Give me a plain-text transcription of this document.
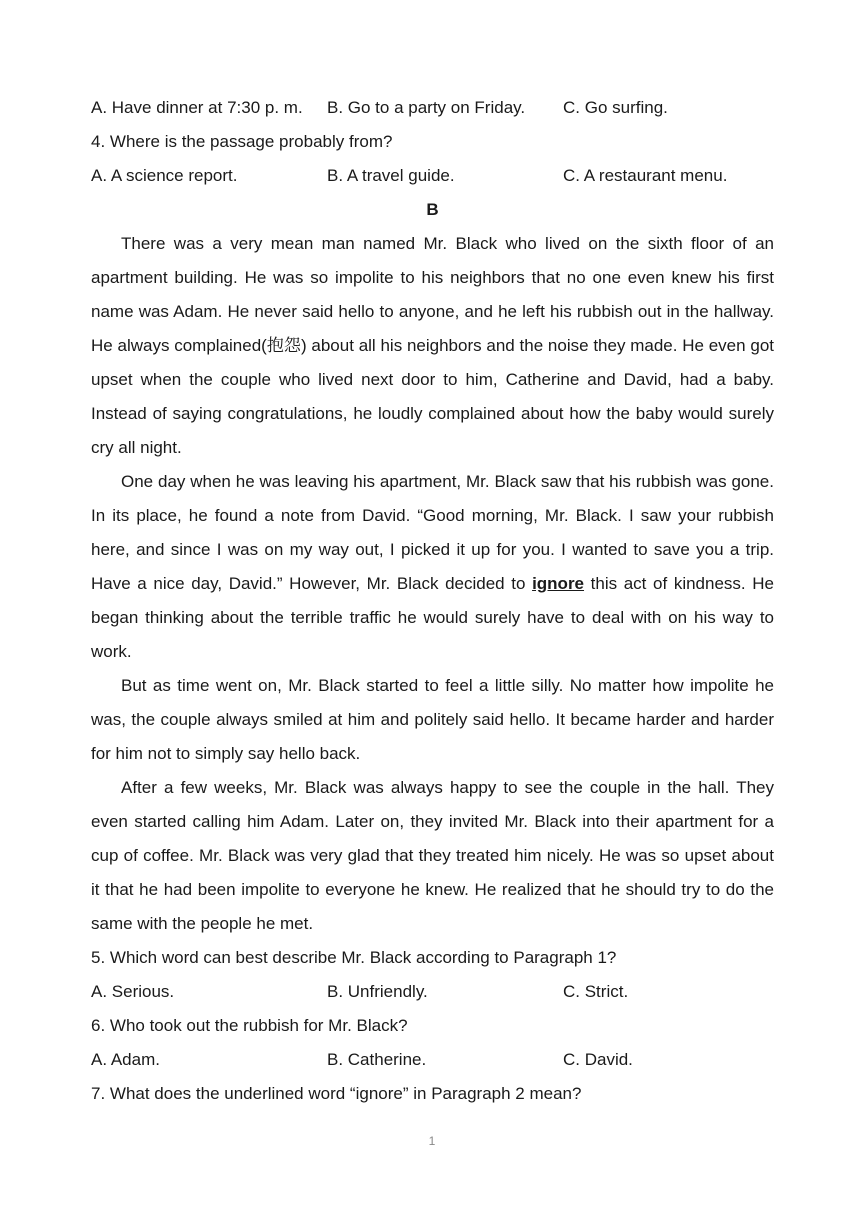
A. Have dinner at 7:30 p. m.	B. Go to a party on Friday.	C. Go surfing.
4. Where is the passage probably from?
A. A science report.	B. A travel guide.	C. A restaurant menu.
B

There was a very mean man named Mr. Black who lived on the sixth floor of an apartment building. He was so impolite to his neighbors that no one even knew his first name was Adam. He never said hello to anyone, and he left his rubbish out in the hallway. He always complained(抱怨) about all his neighbors and the noise they made. He even got upset when the couple who lived next door to him, Catherine and David, had a baby. Instead of saying congratulations, he loudly complained about how the baby would surely cry all night.

One day when he was leaving his apartment, Mr. Black saw that his rubbish was gone. In its place, he found a note from David. “Good morning, Mr. Black. I saw your rubbish here, and since I was on my way out, I picked it up for you. I wanted to save you a trip. Have a nice day, David.” However, Mr. Black decided to ignore this act of kindness. He began thinking about the terrible traffic he would surely have to deal with on his way to work.

But as time went on, Mr. Black started to feel a little silly. No matter how impolite he was, the couple always smiled at him and politely said hello. It became harder and harder for him not to simply say hello back.

After a few weeks, Mr. Black was always happy to see the couple in the hall. They even started calling him Adam. Later on, they invited Mr. Black into their apartment for a cup of coffee. Mr. Black was very glad that they treated him nicely. He was so upset about it that he had been impolite to everyone he knew. He realized that he should try to do the same with the people he met.

5. Which word can best describe Mr. Black according to Paragraph 1?
A. Serious.	B. Unfriendly.	C. Strict.
6. Who took out the rubbish for Mr. Black?
A. Adam.	B. Catherine.	C. David.
7. What does the underlined word “ignore” in Paragraph 2 mean?
1
